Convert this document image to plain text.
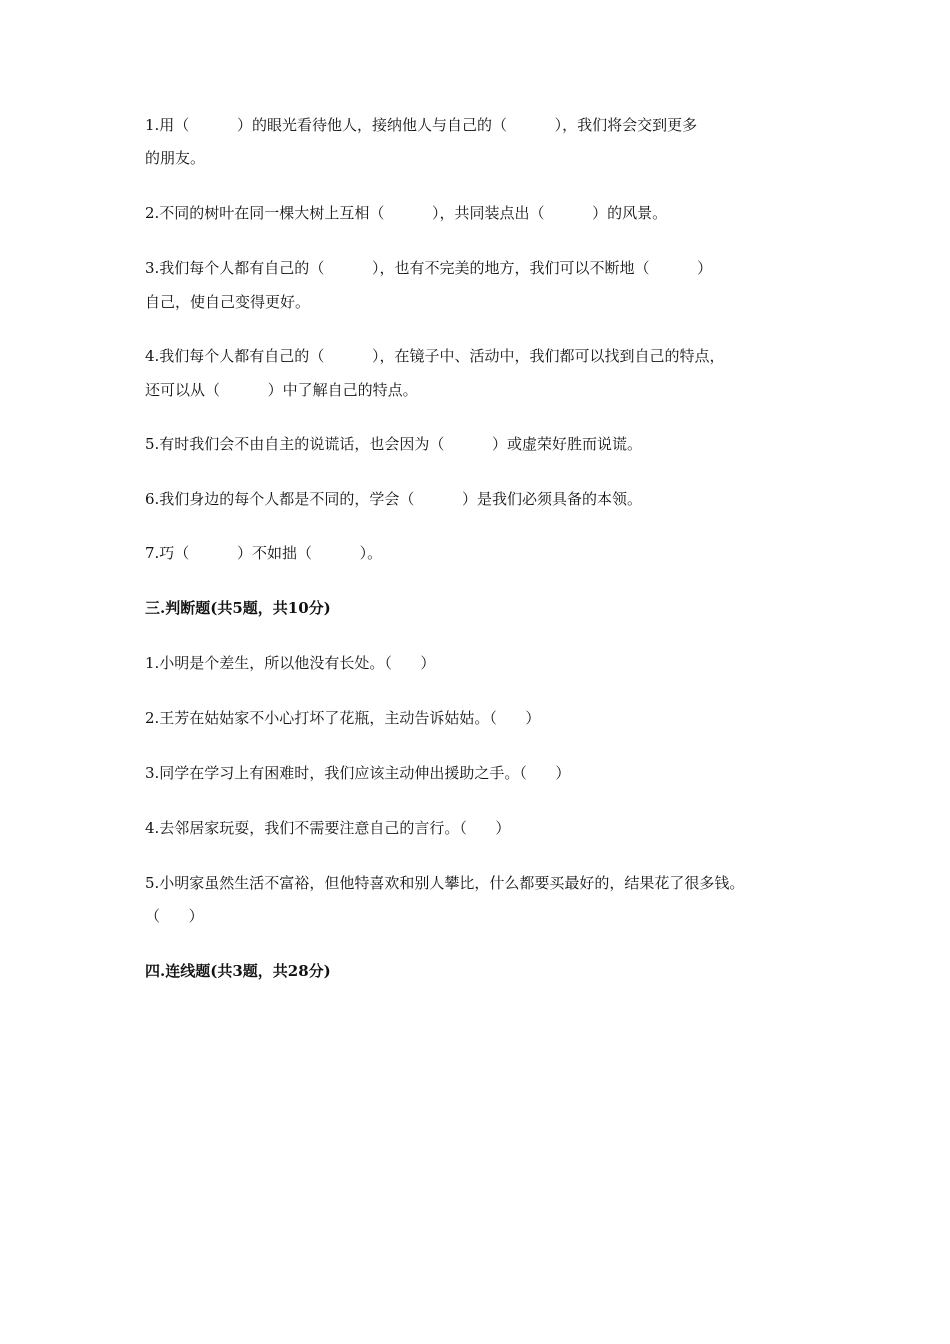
1.用（          ）的眼光看待他人，接纳他人与自己的（          ），我们将会交到更多
的朋友。
2.不同的树叶在同一棵大树上互相（          ），共同装点出（          ）的风景。
3.我们每个人都有自己的（          ），也有不完美的地方，我们可以不断地（          ）
自己，使自己变得更好。
4.我们每个人都有自己的（          ），在镜子中、活动中，我们都可以找到自己的特点，
还可以从（          ）中了解自己的特点。
5.有时我们会不由自主的说谎话，也会因为（          ）或虚荣好胜而说谎。
6.我们身边的每个人都是不同的，学会（          ）是我们必须具备的本领。
7.巧（          ）不如拙（          ）。
三.判断题(共5题，共10分)
1.小明是个差生，所以他没有长处。（      ）
2.王芳在姑姑家不小心打坏了花瓶，主动告诉姑姑。（      ）
3.同学在学习上有困难时，我们应该主动伸出援助之手。（      ）
4.去邻居家玩耍，我们不需要注意自己的言行。（      ）
5.小明家虽然生活不富裕，但他特喜欢和别人攀比，什么都要买最好的，结果花了很多钱。
（      ）
四.连线题(共3题，共28分)
